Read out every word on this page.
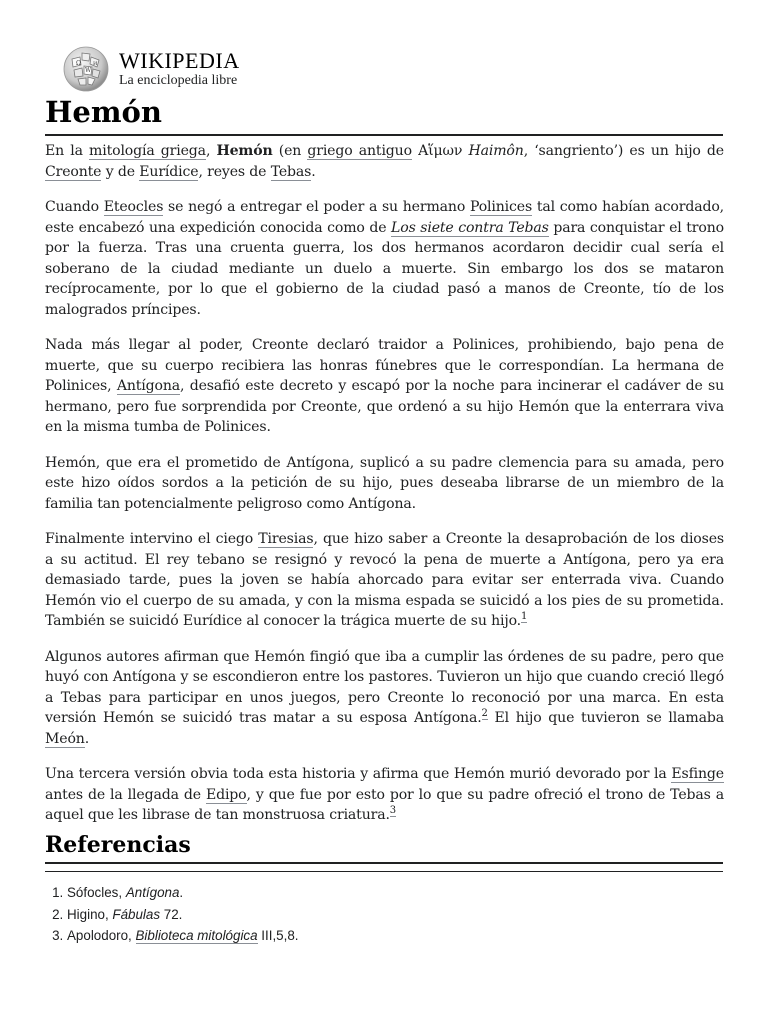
Ω
W
И WIKIPEDIA
La enciclopedia libre
Hemón

En la mitología griega, Hemón (en griego antiguo Αἵμων Haimôn, ‘sangriento’) es un hijo de Creonte y de Eurídice, reyes de Tebas.

Cuando Eteocles se negó a entregar el poder a su hermano Polinices tal como habían acordado, este encabezó una expedición conocida como de Los siete contra Tebas para conquistar el trono por la fuerza. Tras una cruenta guerra, los dos hermanos acordaron decidir cual sería el soberano de la ciudad mediante un duelo a muerte. Sin embargo los dos se mataron recíprocamente, por lo que el gobierno de la ciudad pasó a manos de Creonte, tío de los malogrados príncipes.

Nada más llegar al poder, Creonte declaró traidor a Polinices, prohibiendo, bajo pena de muerte, que su cuerpo recibiera las honras fúnebres que le correspondían. La hermana de Polinices, Antígona, desafió este decreto y escapó por la noche para incinerar el cadáver de su hermano, pero fue sorprendida por Creonte, que ordenó a su hijo Hemón que la enterrara viva en la misma tumba de Polinices.

Hemón, que era el prometido de Antígona, suplicó a su padre clemencia para su amada, pero este hizo oídos sordos a la petición de su hijo, pues deseaba librarse de un miembro de la familia tan potencialmente peligroso como Antígona.

Finalmente intervino el ciego Tiresias, que hizo saber a Creonte la desaprobación de los dioses a su actitud. El rey tebano se resignó y revocó la pena de muerte a Antígona, pero ya era demasiado tarde, pues la joven se había ahorcado para evitar ser enterrada viva. Cuando Hemón vio el cuerpo de su amada, y con la misma espada se suicidó a los pies de su prometida. También se suicidó Eurídice al conocer la trágica muerte de su hijo.$^1$

Algunos autores afirman que Hemón fingió que iba a cumplir las órdenes de su padre, pero que huyó con Antígona y se escondieron entre los pastores. Tuvieron un hijo que cuando creció llegó a Tebas para participar en unos juegos, pero Creonte lo reconoció por una marca. En esta versión Hemón se suicidó tras matar a su esposa Antígona.$^2$ El hijo que tuvieron se llamaba Meón.

Una tercera versión obvia toda esta historia y afirma que Hemón murió devorado por la Esfinge antes de la llegada de Edipo, y que fue por esto por lo que su padre ofreció el trono de Tebas a aquel que les librase de tan monstruosa criatura.$^3$

Referencias
1. Sófocles, Antígona.
2. Higino, Fábulas 72.
3. Apolodoro, Biblioteca mitológica III,5,8.
